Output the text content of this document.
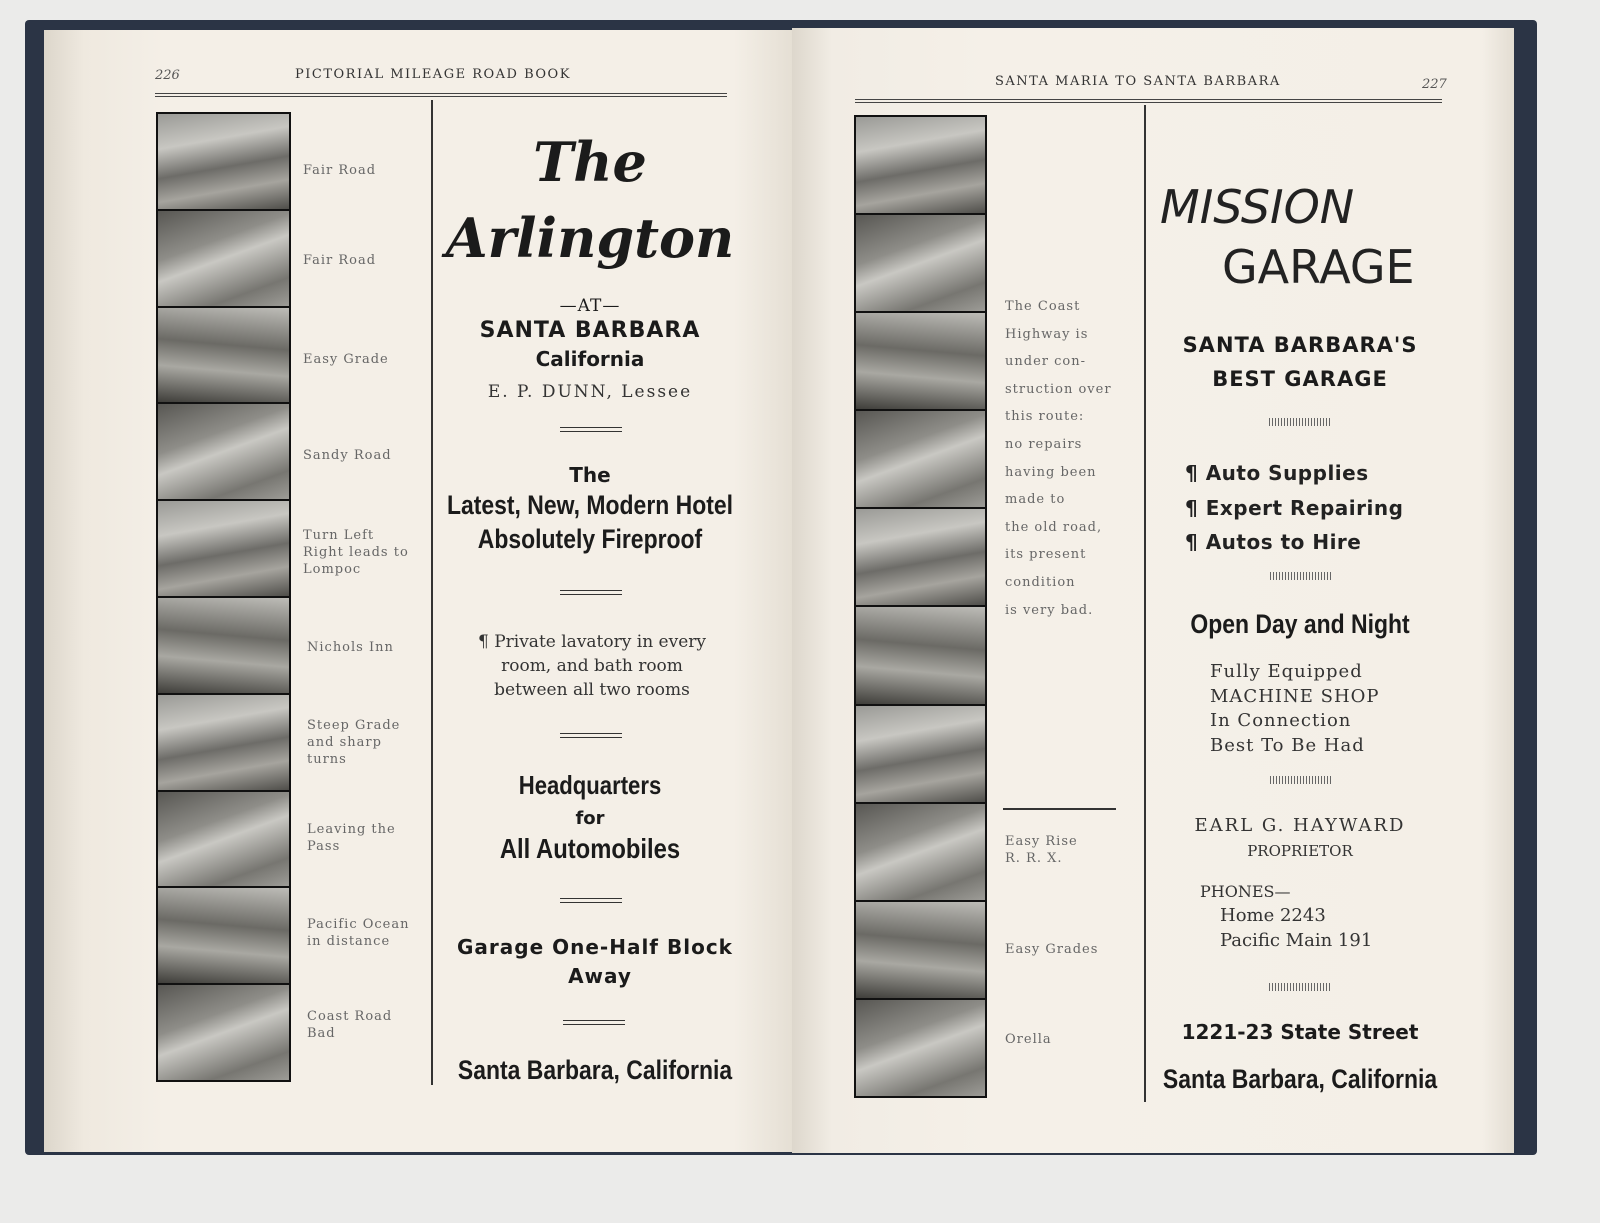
226	PICTORIAL MILEAGE ROAD BOOK
Fair Road
Fair Road
Easy Grade
Sandy Road
Turn Left
Right leads to
Lompoc
Nichols Inn
Steep Grade
and sharp
turns
Leaving the
Pass
Pacific Ocean
in distance
Coast Road
Bad
The
Arlington
—AT—
SANTA BARBARA
California
E. P. DUNN, Lessee
The
Latest, New, Modern Hotel
Absolutely Fireproof
¶ Private lavatory in every
room, and bath room
between all two rooms
Headquarters
for
All Automobiles
Garage One-Half Block
Away
Santa Barbara, California
SANTA MARIA TO SANTA BARBARA	227
The Coast
Highway is
under con-
struction over
this route:
no repairs
having been
made to
the old road,
its present
condition
is very bad.
Easy Rise
R. R. X.
Easy Grades
Orella
MISSION
GARAGE
SANTA BARBARA'S
BEST GARAGE
¶ Auto Supplies
¶ Expert Repairing
¶ Autos to Hire
Open Day and Night
Fully Equipped
MACHINE SHOP
In Connection
Best To Be Had
EARL G. HAYWARD
PROPRIETOR
PHONES—
Home 2243
Pacific Main 191
1221-23 State Street
Santa Barbara, California
